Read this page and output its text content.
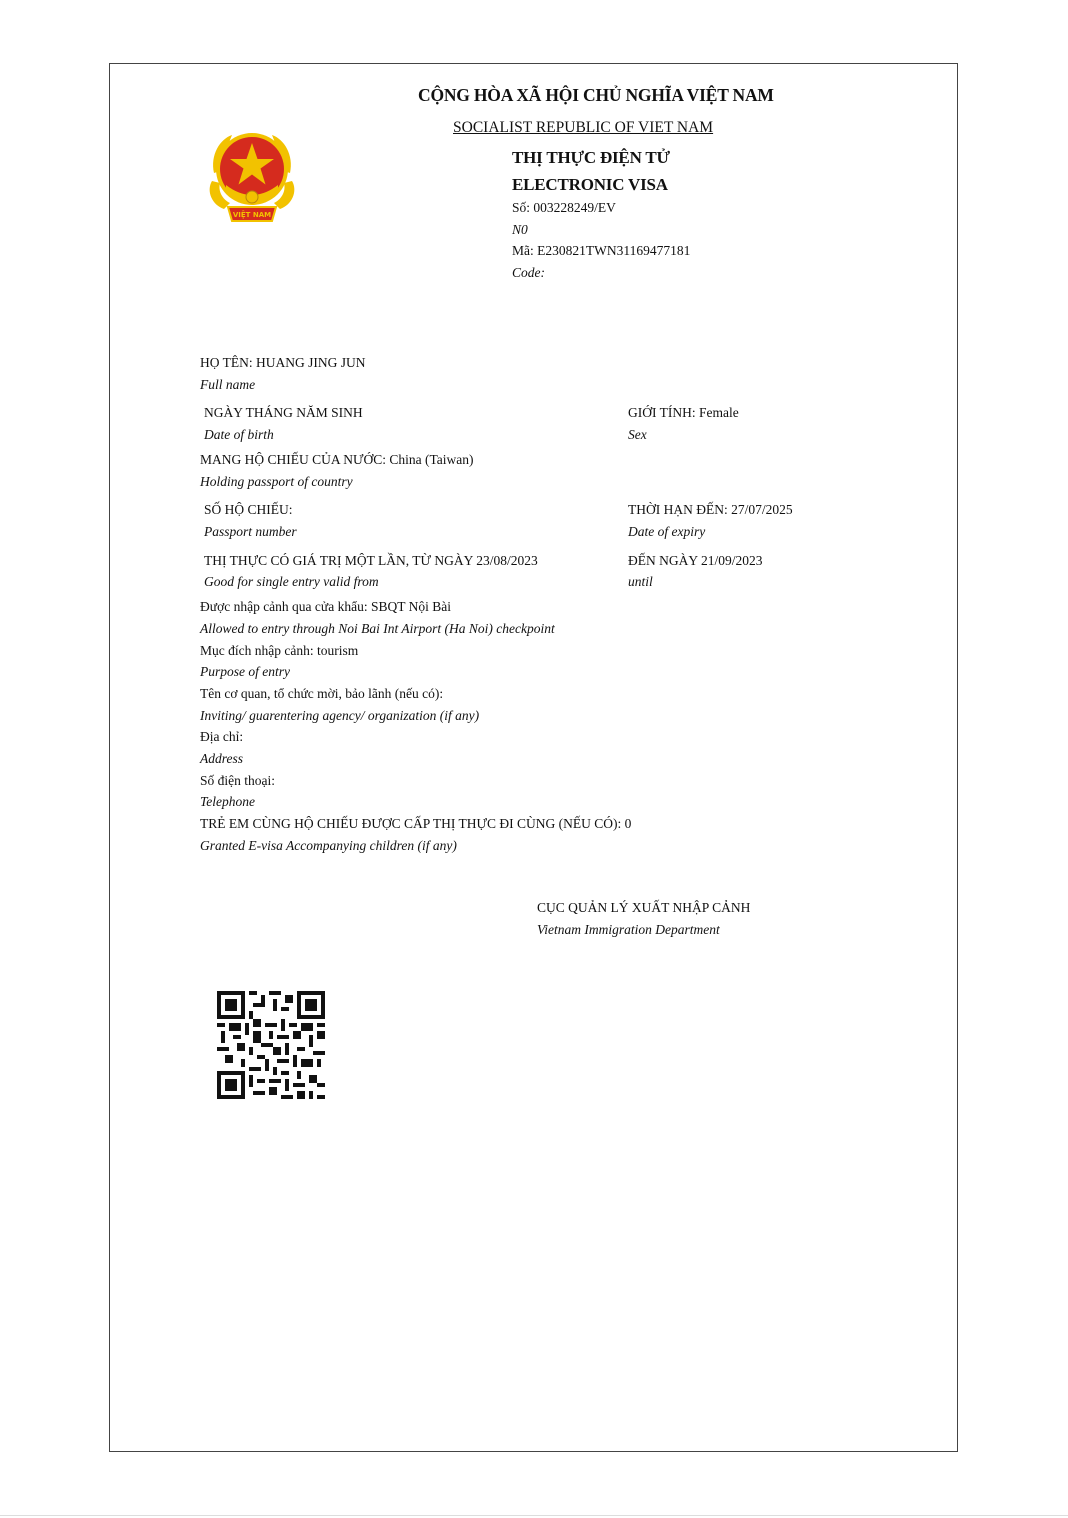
VIỆT NAM
CỘNG HÒA XÃ HỘI CHỦ NGHĨA VIỆT NAM
SOCIALIST REPUBLIC OF VIET NAM
THỊ THỰC ĐIỆN TỬ
ELECTRONIC VISA
Số: 003228249/EV
N0
Mã: E230821TWN31169477181
Code:
HỌ TÊN: HUANG JING JUN
Full name
NGÀY THÁNG NĂM SINH
Date of birth
GIỚI TÍNH: Female
Sex
MANG HỘ CHIẾU CỦA NƯỚC: China (Taiwan)
Holding passport of country
SỐ HỘ CHIẾU:
Passport number
THỜI HẠN ĐẾN: 27/07/2025
Date of expiry
THỊ THỰC CÓ GIÁ TRỊ MỘT LẦN, TỪ NGÀY 23/08/2023
Good for single entry valid from
ĐẾN NGÀY 21/09/2023
until
Được nhập cảnh qua cửa khẩu: SBQT Nội Bài
Allowed to entry through Noi Bai Int Airport (Ha Noi) checkpoint
Mục đích nhập cảnh: tourism
Purpose of entry
Tên cơ quan, tổ chức mời, bảo lãnh (nếu có):
Inviting/ guarentering agency/ organization (if any)
Địa chỉ:
Address
Số điện thoại:
Telephone
TRẺ EM CÙNG HỘ CHIẾU ĐƯỢC CẤP THỊ THỰC ĐI CÙNG (NẾU CÓ): 0
Granted E-visa Accompanying children (if any)
CỤC QUẢN LÝ XUẤT NHẬP CẢNH
Vietnam Immigration Department
